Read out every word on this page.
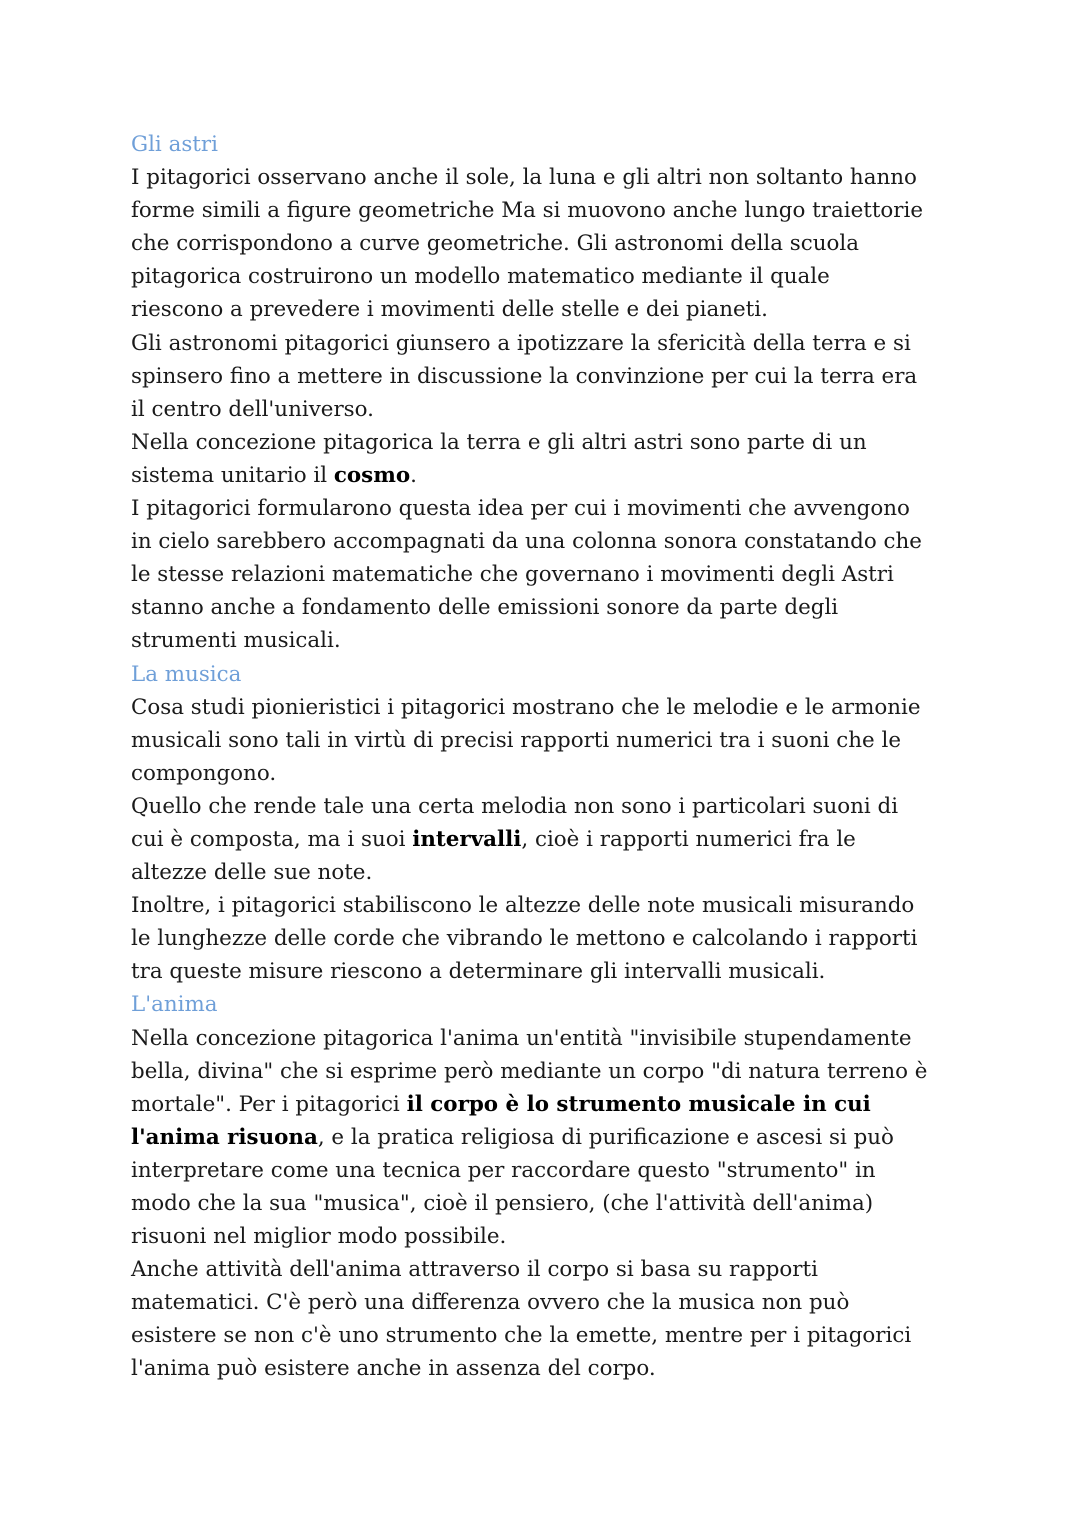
Gli astri
I pitagorici osservano anche il sole, la luna e gli altri non soltanto hanno
forme simili a figure geometriche Ma si muovono anche lungo traiettorie
che corrispondono a curve geometriche. Gli astronomi della scuola
pitagorica costruirono un modello matematico mediante il quale
riescono a prevedere i movimenti delle stelle e dei pianeti.
Gli astronomi pitagorici giunsero a ipotizzare la sfericità della terra e si
spinsero fino a mettere in discussione la convinzione per cui la terra era
il centro dell'universo.
Nella concezione pitagorica la terra e gli altri astri sono parte di un
sistema unitario il cosmo.
I pitagorici formularono questa idea per cui i movimenti che avvengono
in cielo sarebbero accompagnati da una colonna sonora constatando che
le stesse relazioni matematiche che governano i movimenti degli Astri
stanno anche a fondamento delle emissioni sonore da parte degli
strumenti musicali.
La musica
Cosa studi pionieristici i pitagorici mostrano che le melodie e le armonie
musicali sono tali in virtù di precisi rapporti numerici tra i suoni che le
compongono.
Quello che rende tale una certa melodia non sono i particolari suoni di
cui è composta, ma i suoi intervalli, cioè i rapporti numerici fra le
altezze delle sue note.
Inoltre, i pitagorici stabiliscono le altezze delle note musicali misurando
le lunghezze delle corde che vibrando le mettono e calcolando i rapporti
tra queste misure riescono a determinare gli intervalli musicali.
L'anima
Nella concezione pitagorica l'anima un'entità "invisibile stupendamente
bella, divina" che si esprime però mediante un corpo "di natura terreno è
mortale". Per i pitagorici il corpo è lo strumento musicale in cui
l'anima risuona, e la pratica religiosa di purificazione e ascesi si può
interpretare come una tecnica per raccordare questo "strumento" in
modo che la sua "musica", cioè il pensiero, (che l'attività dell'anima)
risuoni nel miglior modo possibile.
Anche attività dell'anima attraverso il corpo si basa su rapporti
matematici. C'è però una differenza ovvero che la musica non può
esistere se non c'è uno strumento che la emette, mentre per i pitagorici
l'anima può esistere anche in assenza del corpo.
